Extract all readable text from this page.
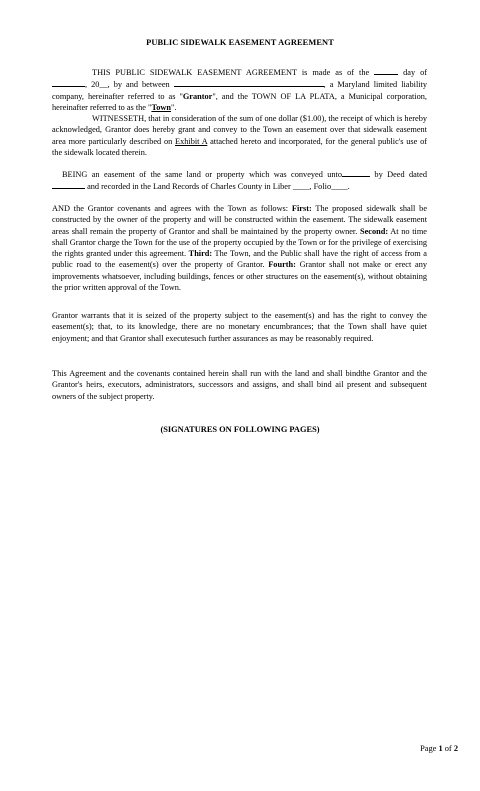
PUBLIC SIDEWALK EASEMENT AGREEMENT
THIS PUBLIC SIDEWALK EASEMENT AGREEMENT is made as of the	day of , 20__, by and between	, a Maryland limited liability company, hereinafter referred to as "Grantor", and the TOWN OF LA PLATA, a Municipal corporation, hereinafter referred to as the "Town".
WITNESSETH, that in consideration of the sum of one dollar ($1.00), the receipt of which is hereby acknowledged, Grantor does hereby grant and convey to the Town an easement over that sidewalk easement area more particularly described on Exhibit A attached hereto and incorporated, for the general public's use of the sidewalk located therein.
BEING an easement of the same land or property which was conveyed unto	by Deed dated  and recorded in the Land Records of Charles County in Liber ____, Folio____.
AND the Grantor covenants and agrees with the Town as follows: First: The proposed sidewalk shall be constructed by the owner of the property and will be constructed within the easement. The sidewalk easement areas shall remain the property of Grantor and shall be maintained by the property owner. Second: At no time shall Grantor charge the Town for the use of the property occupied by the Town or for the privilege of exercising the rights granted under this agreement. Third: The Town, and the Public shall have the right of access from a public road to the easement(s) over the property of Grantor. Fourth: Grantor shall not make or erect any improvements whatsoever, including buildings, fences or other structures on the easement(s), without obtaining the prior written approval of the Town.
Grantor warrants that it is seized of the property subject to the easement(s) and has the right to convey the easement(s); that, to its knowledge, there are no monetary encumbrances; that the Town shall have quiet enjoyment; and that Grantor shall executesuch further assurances as may be reasonably required.
This Agreement and the covenants contained herein shall run with the land and shall bindthe Grantor and the Grantor's heirs, executors, administrators, successors and assigns, and shall bind ail present and subsequent owners of the subject property.
(SIGNATURES ON FOLLOWING PAGES)
Page 1 of 2
